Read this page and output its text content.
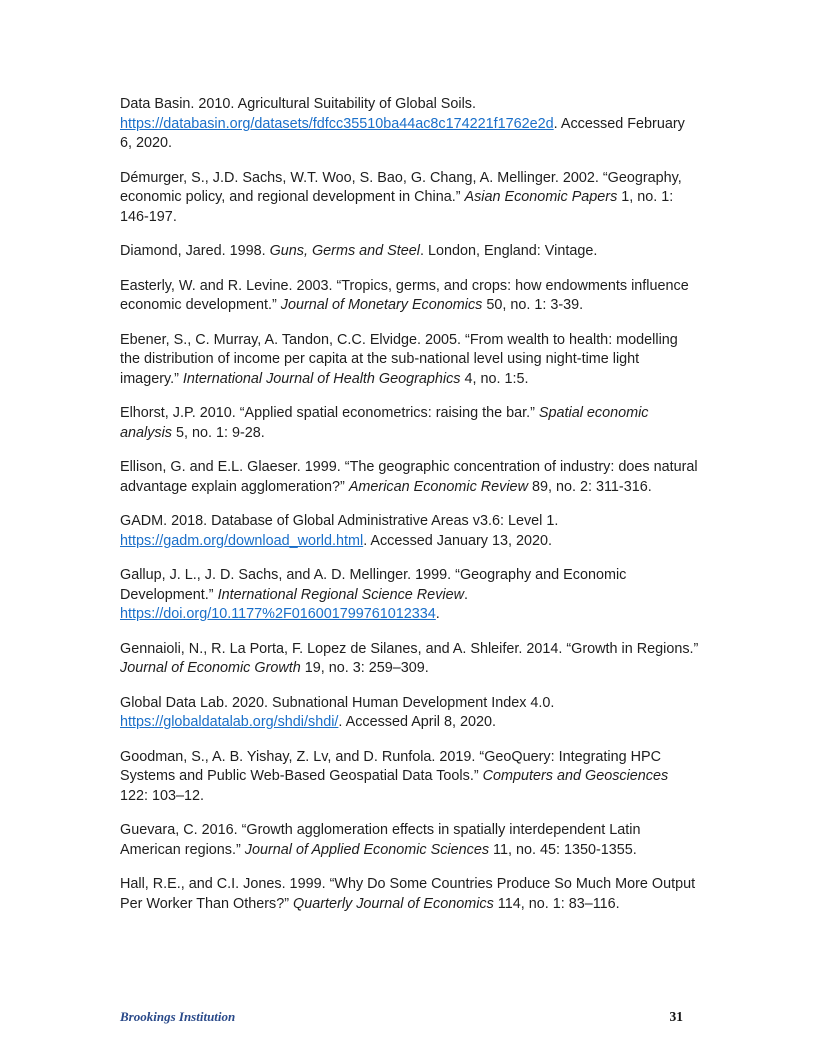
Data Basin. 2010. Agricultural Suitability of Global Soils. https://databasin.org/datasets/fdfcc35510ba44ac8c174221f1762e2d. Accessed February 6, 2020.

Démurger, S., J.D. Sachs, W.T. Woo, S. Bao, G. Chang, A. Mellinger. 2002. “Geography, economic policy, and regional development in China.” Asian Economic Papers 1, no. 1: 146-197.

Diamond, Jared. 1998. Guns, Germs and Steel. London, England: Vintage.

Easterly, W. and R. Levine. 2003. “Tropics, germs, and crops: how endowments influence economic development.” Journal of Monetary Economics 50, no. 1: 3-39.

Ebener, S., C. Murray, A. Tandon, C.C. Elvidge. 2005. “From wealth to health: modelling the distribution of income per capita at the sub-national level using night-time light imagery.” International Journal of Health Geographics 4, no. 1:5.

Elhorst, J.P. 2010. “Applied spatial econometrics: raising the bar.” Spatial economic analysis 5, no. 1: 9-28.

Ellison, G. and E.L. Glaeser. 1999. “The geographic concentration of industry: does natural advantage explain agglomeration?” American Economic Review 89, no. 2: 311-316.

GADM. 2018. Database of Global Administrative Areas v3.6: Level 1. https://gadm.org/download_world.html. Accessed January 13, 2020.

Gallup, J. L., J. D. Sachs, and A. D. Mellinger. 1999. “Geography and Economic Development.” International Regional Science Review. https://doi.org/10.1177%2F016001799761012334.

Gennaioli, N., R. La Porta, F. Lopez de Silanes, and A. Shleifer. 2014. “Growth in Regions.” Journal of Economic Growth 19, no. 3: 259–309.

Global Data Lab. 2020. Subnational Human Development Index 4.0. https://globaldatalab.org/shdi/shdi/. Accessed April 8, 2020.

Goodman, S., A. B. Yishay, Z. Lv, and D. Runfola. 2019. “GeoQuery: Integrating HPC Systems and Public Web-Based Geospatial Data Tools.” Computers and Geosciences 122: 103–12.

Guevara, C. 2016. “Growth agglomeration effects in spatially interdependent Latin American regions.” Journal of Applied Economic Sciences 11, no. 45: 1350-1355.

Hall, R.E., and C.I. Jones. 1999. “Why Do Some Countries Produce So Much More Output Per Worker Than Others?” Quarterly Journal of Economics 114, no. 1: 83–116.

Brookings Institution	31
